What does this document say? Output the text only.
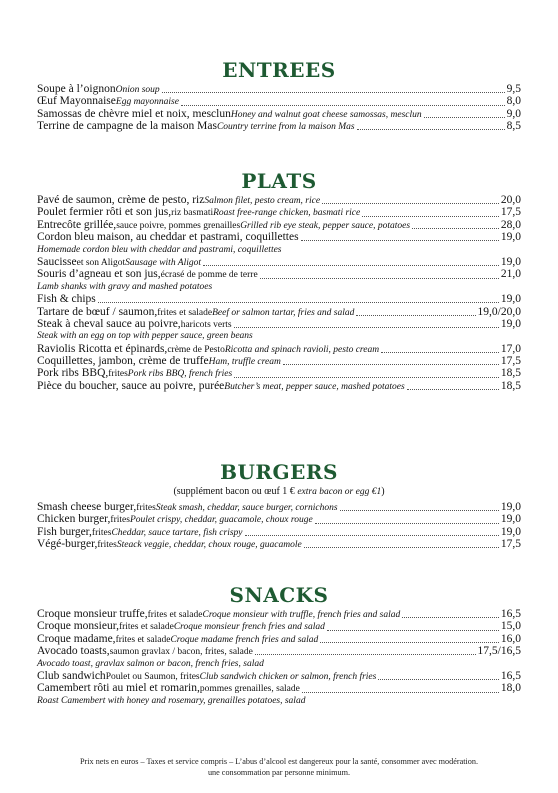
ENTREES
Soupe à l’oignon Onion soup	9,5
Œuf Mayonnaise Egg mayonnaise	8,0
Samossas de chèvre miel et noix, mesclun Honey and walnut goat cheese samossas, mesclun	9,0
Terrine de campagne de la maison Mas Country terrine from la maison Mas	8,5
PLATS
Pavé de saumon, crème de pesto, riz Salmon filet, pesto cream, rice	20,0
Poulet fermier rôti et son jus, riz basmati Roast free-range chicken, basmati rice	17,5
Entrecôte grillée, sauce poivre, pommes grenailles Grilled rib eye steak, pepper sauce, potatoes	28,0
Cordon bleu maison, au cheddar et pastrami, coquillettes	19,0
Homemade cordon bleu with cheddar and pastrami, coquillettes
Saucisse et son Aligot Sausage with Aligot	19,0
Souris d’agneau et son jus, écrasé de pomme de terre	21,0
Lamb shanks with gravy and mashed potatoes
Fish & chips	19,0
Tartare de bœuf / saumon, frites et salade Beef or salmon tartar, fries and salad	19,0/20,0
Steak à cheval sauce au poivre, haricots verts	19,0
Steak with an egg on top with pepper sauce, green beans
Raviolis Ricotta et épinards, crème de Pesto Ricotta and spinach ravioli, pesto cream	17,0
Coquillettes, jambon, crème de truffe Ham, truffle cream	17,5
Pork ribs BBQ, frites Pork ribs BBQ, french fries	18,5
Pièce du boucher, sauce au poivre, purée Butcher’s meat, pepper sauce, mashed potatoes	18,5
BURGERS
(supplément bacon ou œuf 1 € extra bacon or egg €1)
Smash cheese burger, frites Steak smash, cheddar, sauce burger, cornichons	19,0
Chicken burger, frites Poulet crispy, cheddar, guacamole, choux rouge	19,0
Fish burger, frites Cheddar, sauce tartare, fish crispy	19,0
Végé-burger, frites Steack veggie, cheddar, choux rouge, guacamole	17,5
SNACKS
Croque monsieur truffe, frites et salade Croque monsieur with truffle, french fries and salad	16,5
Croque monsieur, frites et salade Croque monsieur french fries and salad	15,0
Croque madame, frites et salade Croque madame french fries and salad	16,0
Avocado toasts, saumon gravlax / bacon, frites, salade	17,5/16,5
Avocado toast, gravlax salmon or bacon, french fries, salad
Club sandwich Poulet ou Saumon, frites Club sandwich chicken or salmon, french fries	16,5
Camembert rôti au miel et romarin, pommes grenailles, salade	18,0
Roast Camembert with honey and rosemary, grenailles potatoes, salad
Prix nets en euros – Taxes et service compris – L’abus d’alcool est dangereux pour la santé, consommer avec modération.
une consommation par personne minimum.
